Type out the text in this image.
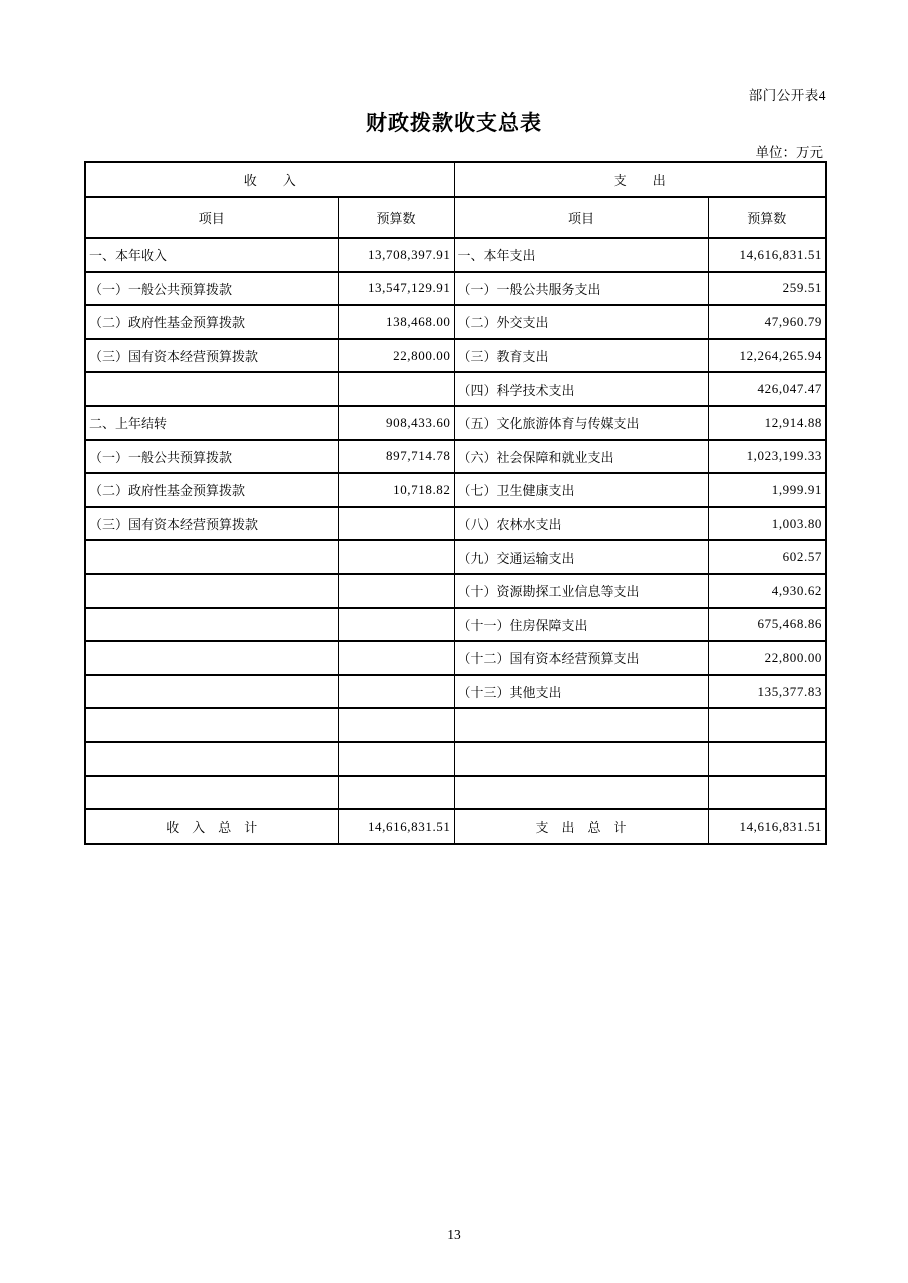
部门公开表4
财政拨款收支总表
单位：万元
收　　入		支　　出	
项目	预算数	项目	预算数
一、本年收入	13,708,397.91	一、本年支出	14,616,831.51
（一）一般公共预算拨款	13,547,129.91	（一）一般公共服务支出	259.51
（二）政府性基金预算拨款	138,468.00	（二）外交支出	47,960.79
（三）国有资本经营预算拨款	22,800.00	（三）教育支出	12,264,265.94
		（四）科学技术支出	426,047.47
二、上年结转	908,433.60	（五）文化旅游体育与传媒支出	12,914.88
（一）一般公共预算拨款	897,714.78	（六）社会保障和就业支出	1,023,199.33
（二）政府性基金预算拨款	10,718.82	（七）卫生健康支出	1,999.91
（三）国有资本经营预算拨款		（八）农林水支出	1,003.80
		（九）交通运输支出	602.57
		（十）资源勘探工业信息等支出	4,930.62
		（十一）住房保障支出	675,468.86
		（十二）国有资本经营预算支出	22,800.00
		（十三）其他支出	135,377.83

收　入　总　计	14,616,831.51	支　出　总　计	14,616,831.51
13
